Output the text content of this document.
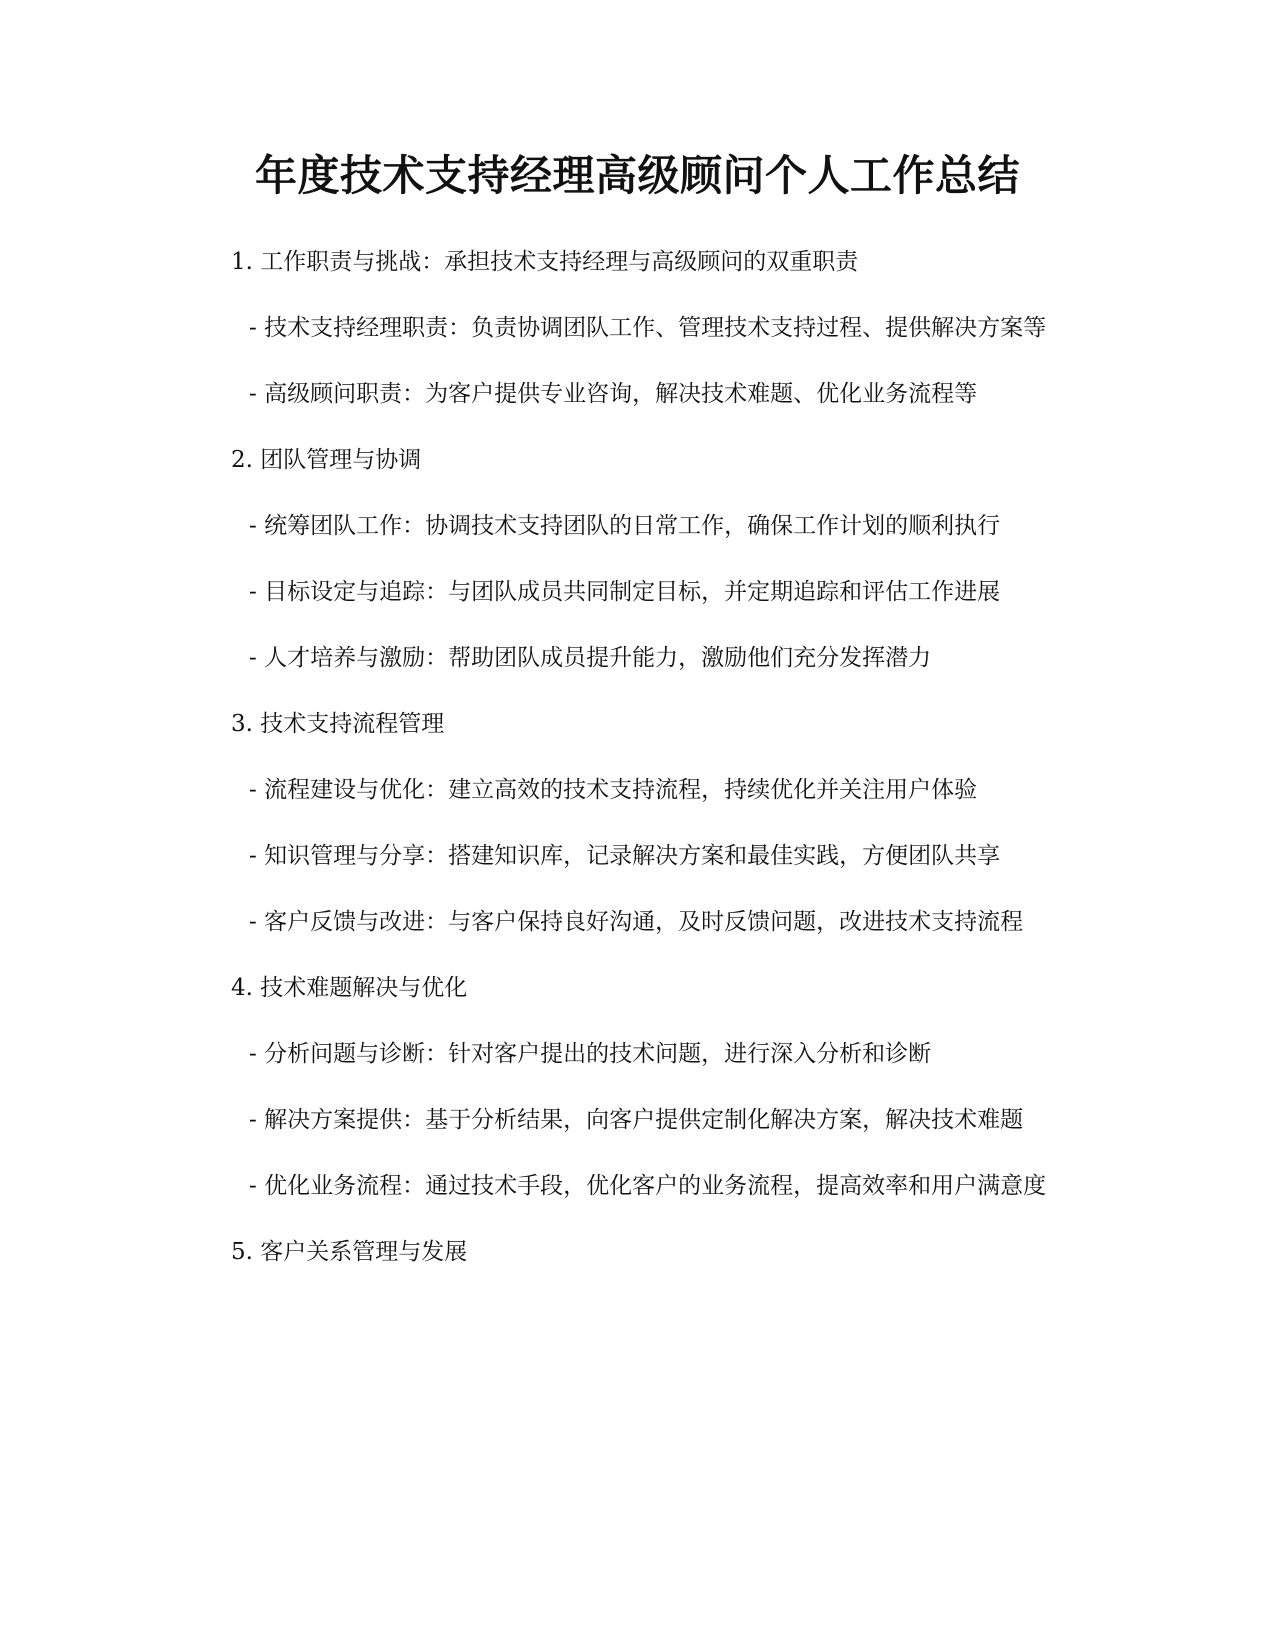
年度技术支持经理高级顾问个人工作总结

1. 工作职责与挑战：承担技术支持经理与高级顾问的双重职责

- 技术支持经理职责：负责协调团队工作、管理技术支持过程、提供解决方案等

- 高级顾问职责：为客户提供专业咨询，解决技术难题、优化业务流程等

2. 团队管理与协调

- 统筹团队工作：协调技术支持团队的日常工作，确保工作计划的顺利执行

- 目标设定与追踪：与团队成员共同制定目标，并定期追踪和评估工作进展

- 人才培养与激励：帮助团队成员提升能力，激励他们充分发挥潜力

3. 技术支持流程管理

- 流程建设与优化：建立高效的技术支持流程，持续优化并关注用户体验

- 知识管理与分享：搭建知识库，记录解决方案和最佳实践，方便团队共享

- 客户反馈与改进：与客户保持良好沟通，及时反馈问题，改进技术支持流程

4. 技术难题解决与优化

- 分析问题与诊断：针对客户提出的技术问题，进行深入分析和诊断

- 解决方案提供：基于分析结果，向客户提供定制化解决方案，解决技术难题

- 优化业务流程：通过技术手段，优化客户的业务流程，提高效率和用户满意度

5. 客户关系管理与发展
